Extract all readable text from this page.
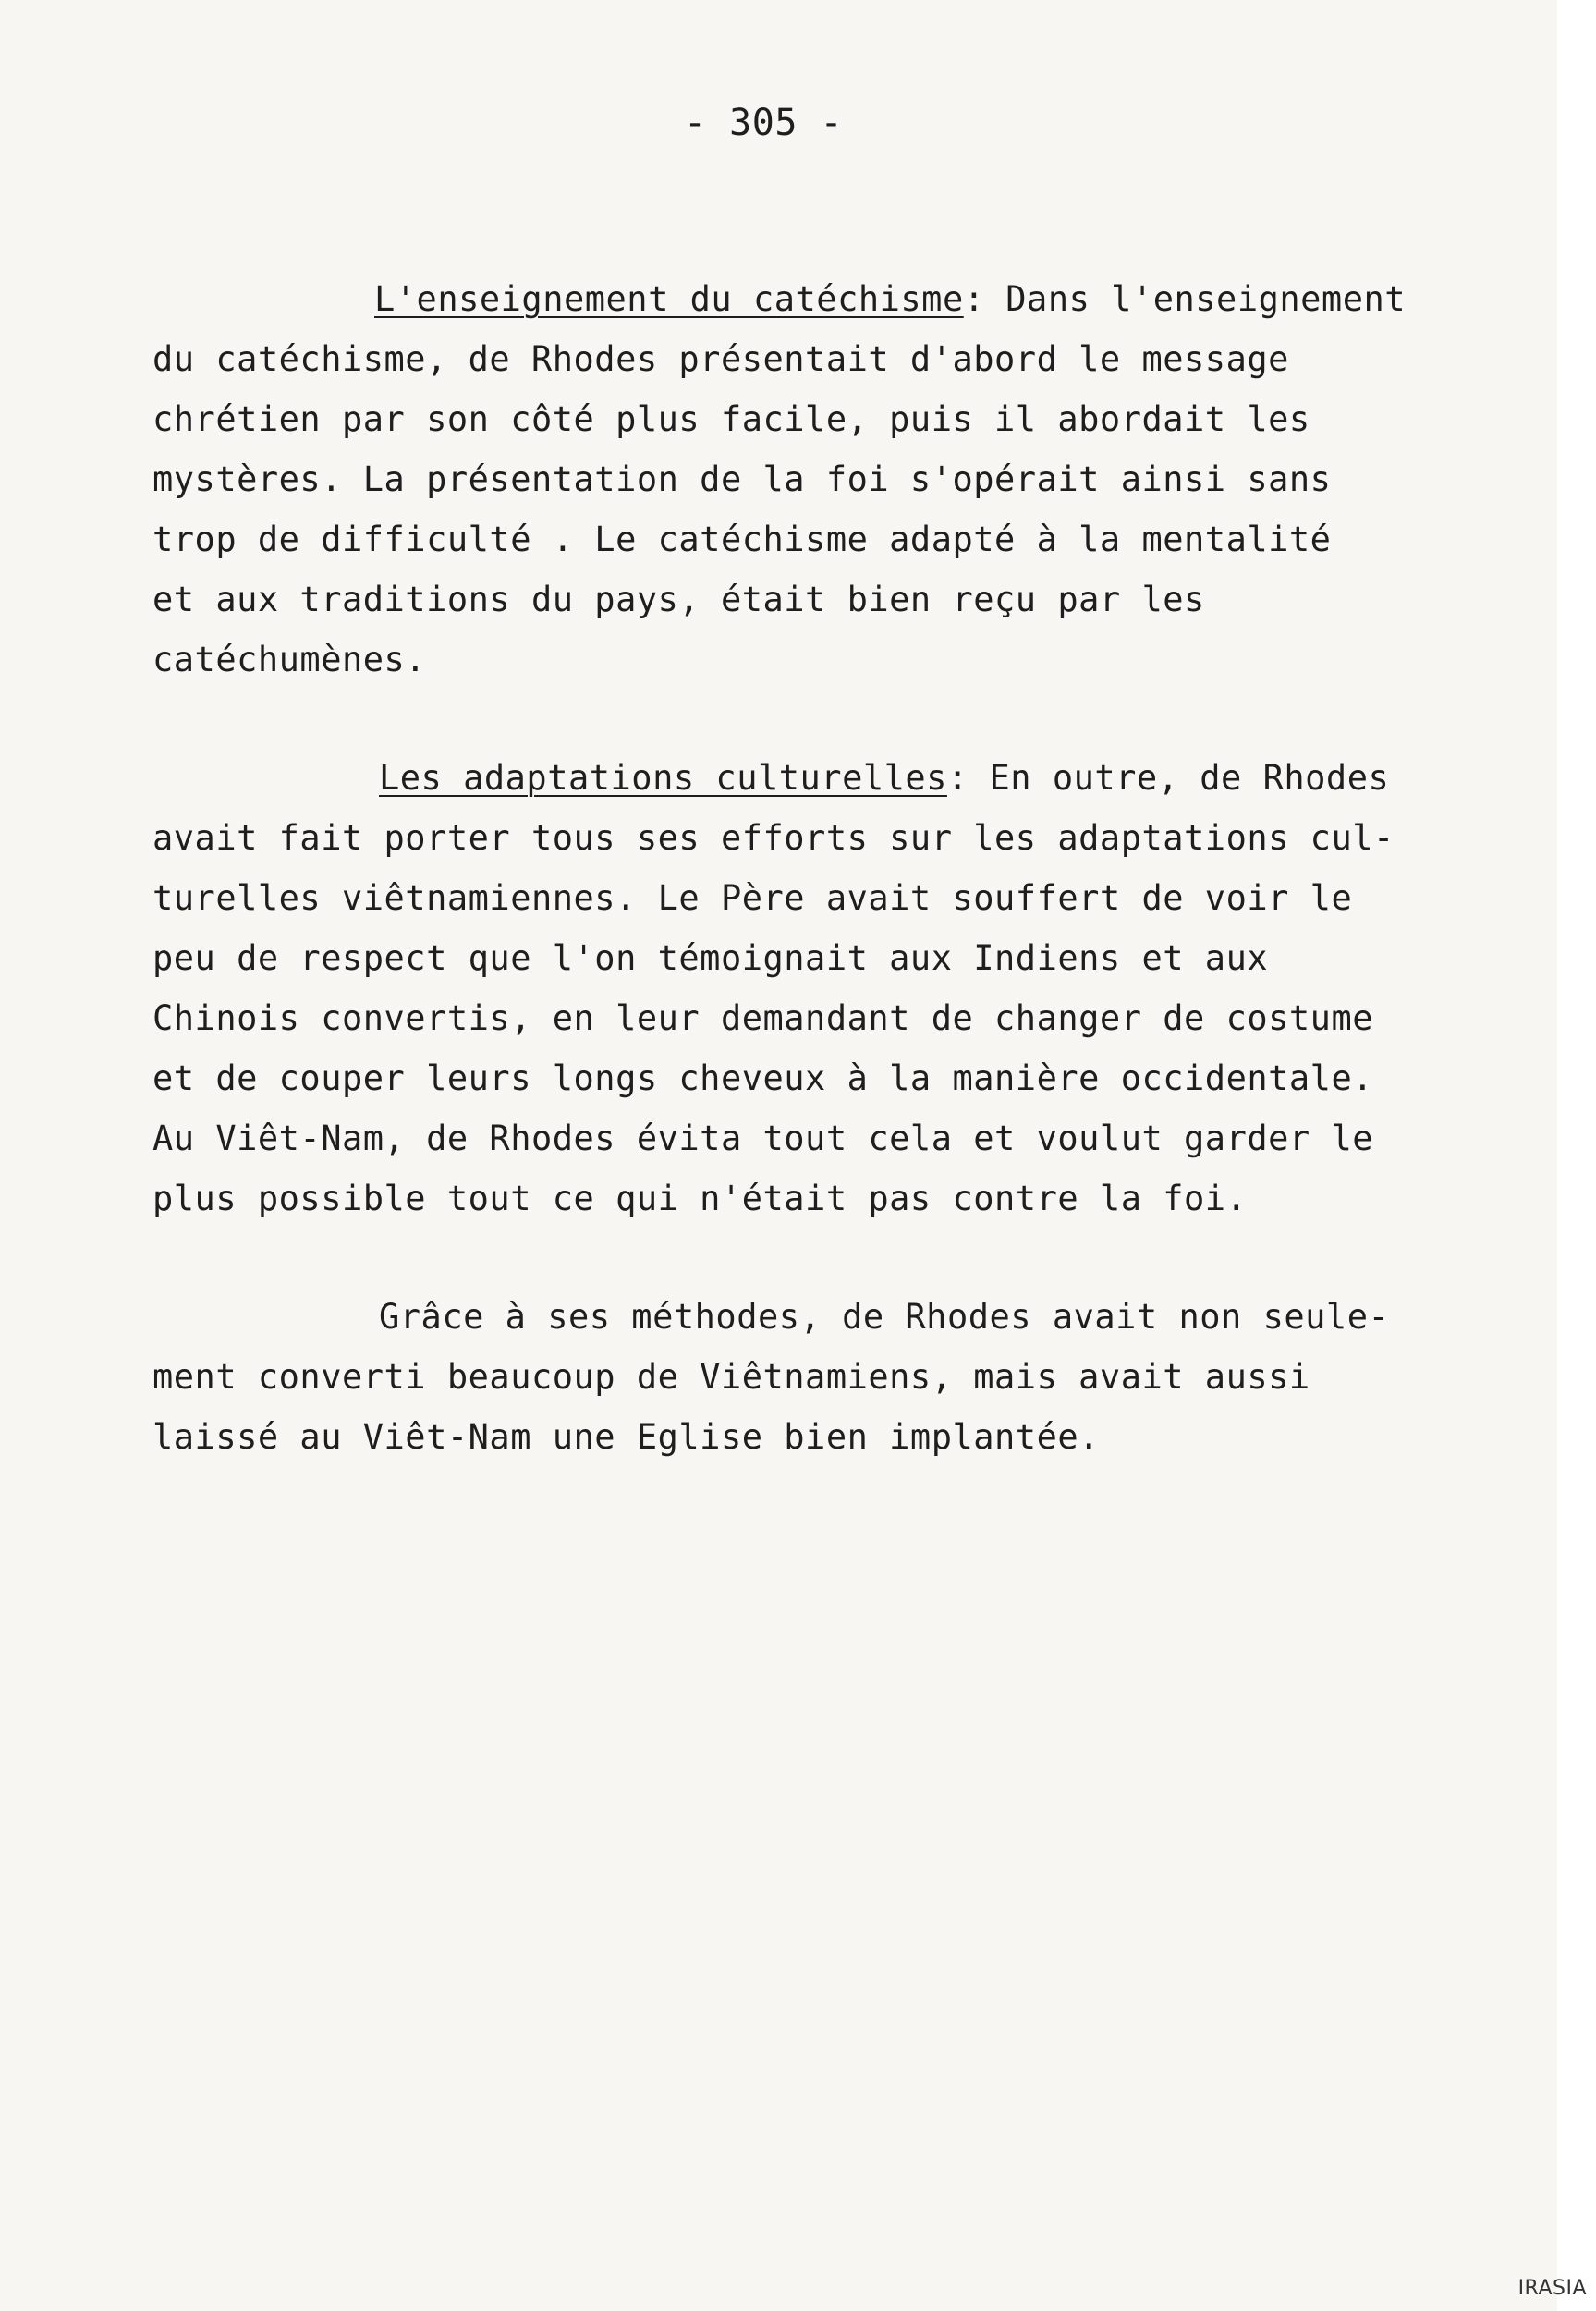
- 305 -
L'enseignement du catéchisme: Dans l'enseignement
du catéchisme, de Rhodes présentait d'abord le message
chrétien par son côté plus facile, puis il abordait les
mystères. La présentation de la foi s'opérait ainsi sans
trop de difficulté . Le catéchisme adapté à la mentalité
et aux traditions du pays, était bien reçu par les
catéchumènes.
Les adaptations culturelles: En outre, de Rhodes
avait fait porter tous ses efforts sur les adaptations cul-
turelles viêtnamiennes. Le Père avait souffert de voir le
peu de respect que l'on témoignait aux Indiens et aux
Chinois convertis, en leur demandant de changer de costume
et de couper leurs longs cheveux à la manière occidentale.
Au Viêt-Nam, de Rhodes évita tout cela et voulut garder le
plus possible tout ce qui n'était pas contre la foi.
Grâce à ses méthodes, de Rhodes avait non seule-
ment converti beaucoup de Viêtnamiens, mais avait aussi
laissé au Viêt-Nam une Eglise bien implantée.
IRASIA
